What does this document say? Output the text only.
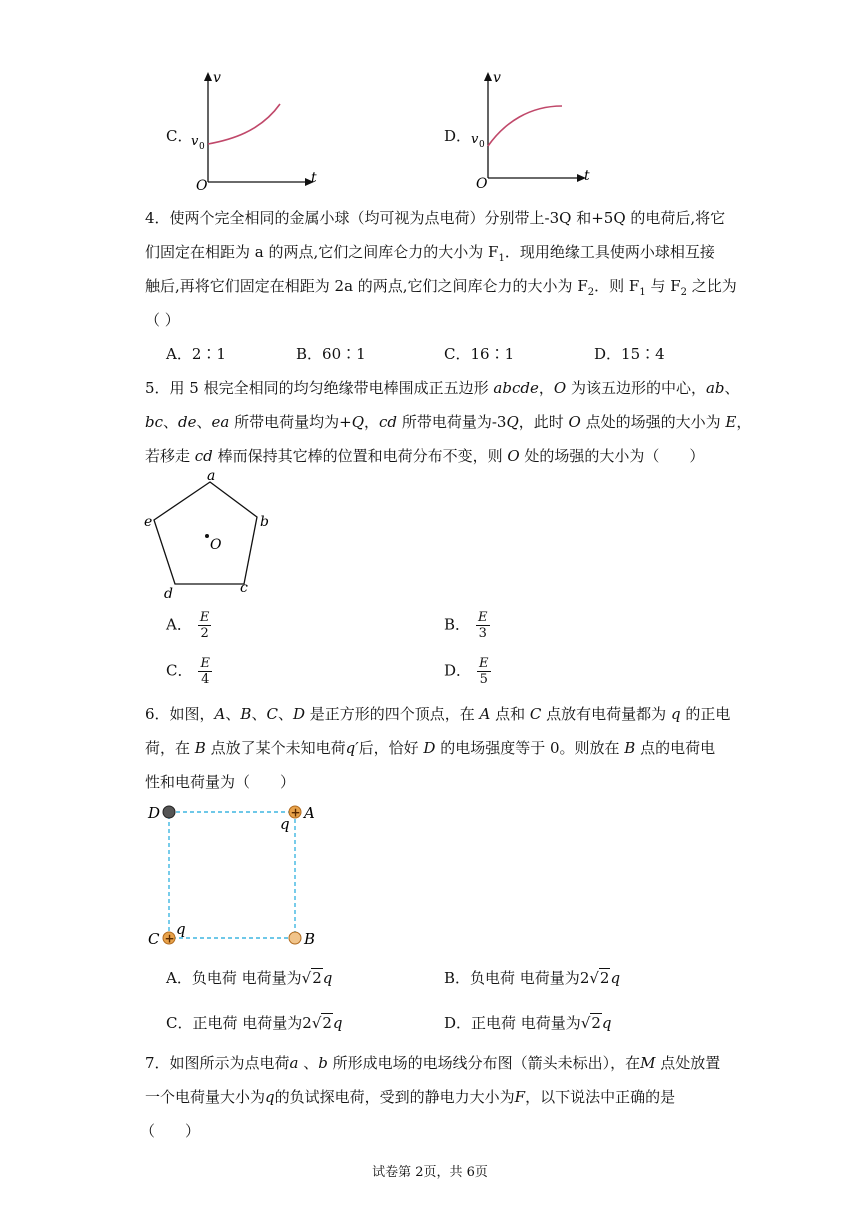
C．
v
t
O
v 0
D．
v
t
O
v 0
4．使两个完全相同的金属小球（均可视为点电荷）分别带上-3Q 和+5Q 的电荷后,将它
们固定在相距为 a 的两点,它们之间库仑力的大小为 $F_1$．现用绝缘工具使两小球相互接
触后,再将它们固定在相距为 2a 的两点,它们之间库仑力的大小为 $F_2$．则 $F_1$ 与 $F_2$ 之比为
（ ）
A．2∶1	B．60∶1	C．16∶1	D．15∶4
5．用 5 根完全相同的均匀绝缘带电棒围成正五边形 abcde，O 为该五边形的中心，ab、
bc、de、ea 所带电荷量均为+Q，cd 所带电荷量为-3Q，此时 O 点处的场强的大小为 E，
若移走 cd 棒而保持其它棒的位置和电荷分布不变，则 O 处的场强的大小为（　　）
a
b
c
d
e
O
A． $\frac{E}{2}$	B． $\frac{E}{3}$
C． $\frac{E}{4}$	D． $\frac{E}{5}$
6．如图，A、B、C、D 是正方形的四个顶点，在 A 点和 C 点放有电荷量都为 q 的正电
荷，在 B 点放了某个未知电荷q′后，恰好 D 的电场强度等于 0。则放在 B 点的电荷电
性和电荷量为（　　）
+
+
D	A
q
C
q
B
A．负电荷 电荷量为√2q	B．负电荷 电荷量为2√2q
C．正电荷 电荷量为2√2q	D．正电荷 电荷量为√2q
7．如图所示为点电荷a 、b 所形成电场的电场线分布图（箭头未标出），在M 点处放置
一个电荷量大小为q的负试探电荷，受到的静电力大小为F，以下说法中正确的是
（　　）
试卷第 2页，共 6页
